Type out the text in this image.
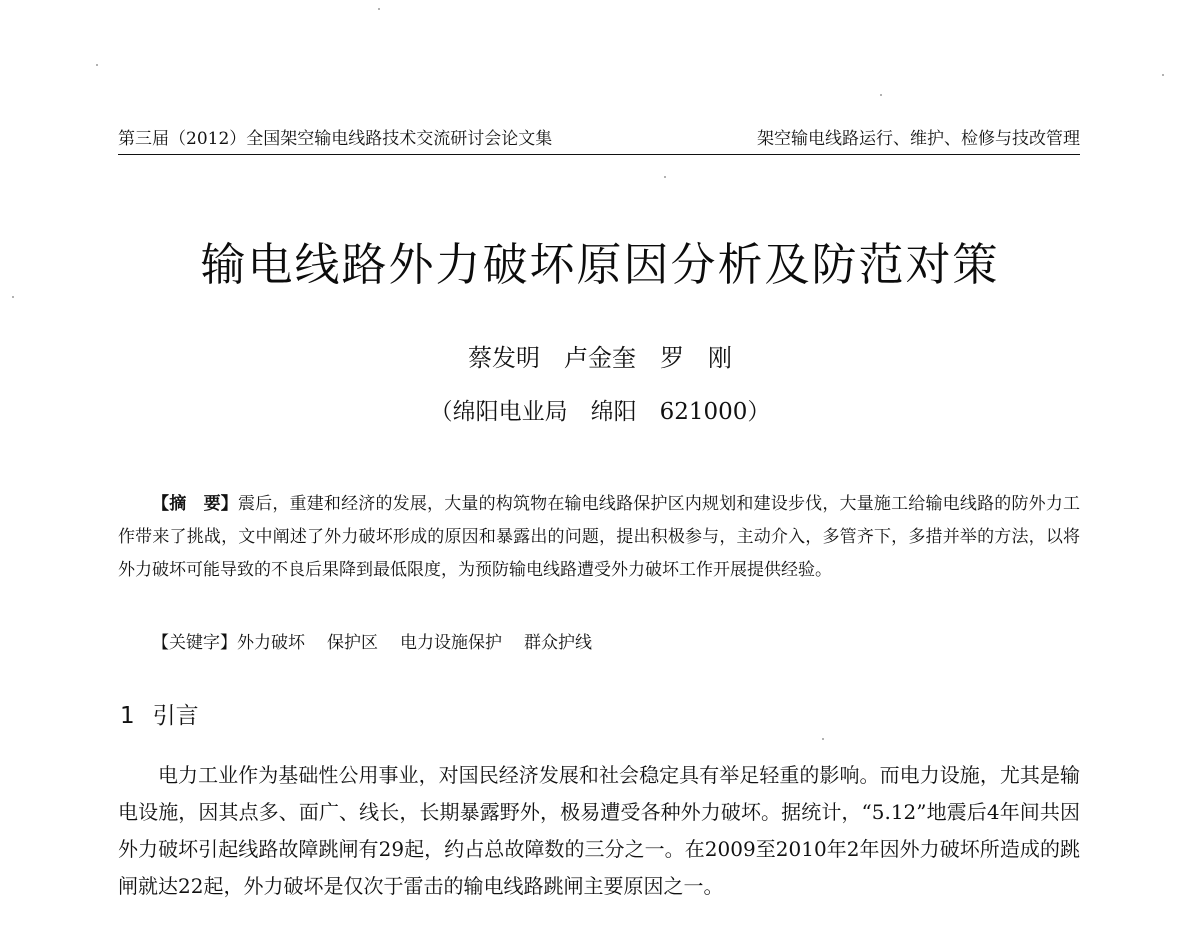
第三届（2012）全国架空输电线路技术交流研讨会论文集	架空输电线路运行、维护、检修与技改管理
输电线路外力破坏原因分析及防范对策
蔡发明　卢金奎　罗　刚
（绵阳电业局　绵阳　621000）

【摘　要】震后，重建和经济的发展，大量的构筑物在输电线路保护区内规划和建设步伐，大量施工给输电线路的防外力工作带来了挑战，文中阐述了外力破坏形成的原因和暴露出的问题，提出积极参与，主动介入，多管齐下，多措并举的方法，以将外力破坏可能导致的不良后果降到最低限度，为预防输电线路遭受外力破坏工作开展提供经验。

【关键字】外力破坏 保护区 电力设施保护 群众护线

1 引言

电力工业作为基础性公用事业，对国民经济发展和社会稳定具有举足轻重的影响。而电力设施，尤其是输电设施，因其点多、面广、线长，长期暴露野外，极易遭受各种外力破坏。据统计，“5.12”地震后4年间共因外力破坏引起线路故障跳闸有29起，约占总故障数的三分之一。在2009至2010年2年因外力破坏所造成的跳闸就达22起，外力破坏是仅次于雷击的输电线路跳闸主要原因之一。
